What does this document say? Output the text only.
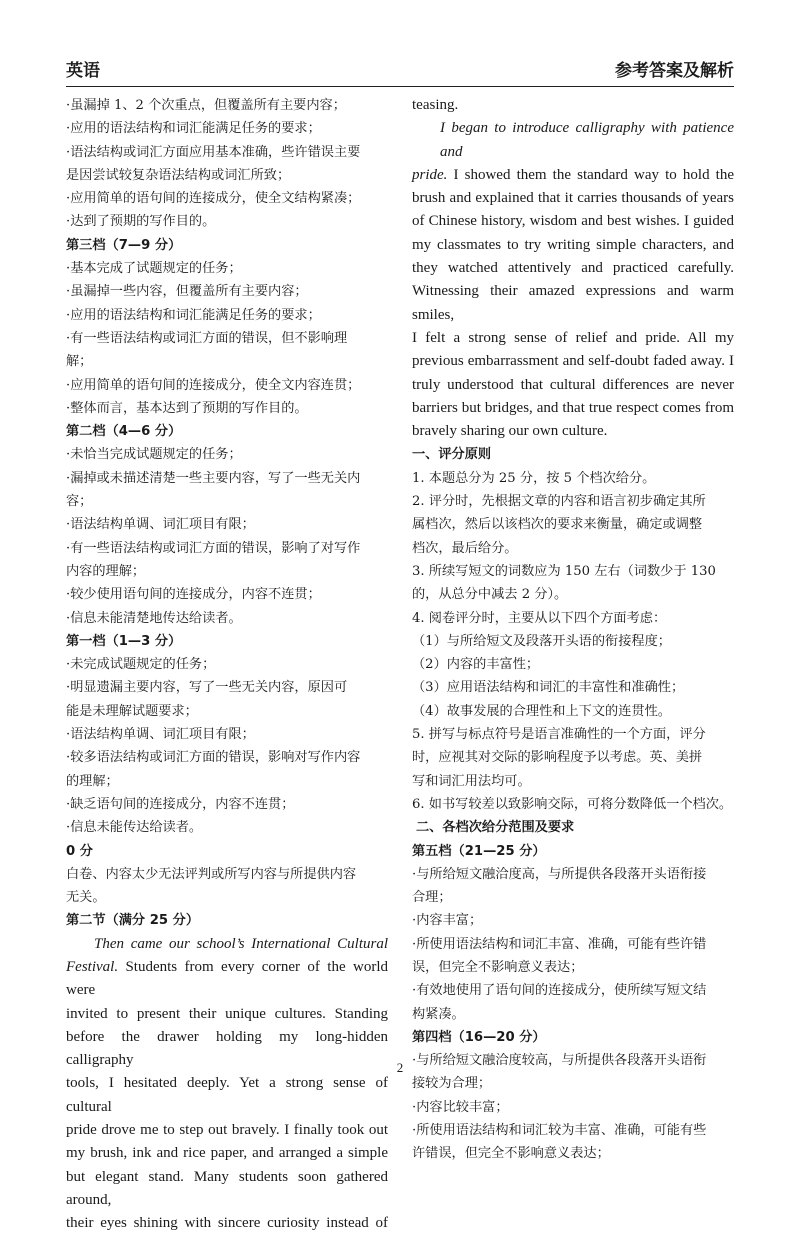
英语	参考答案及解析
·虽漏掉 1、2 个次重点，但覆盖所有主要内容；
·应用的语法结构和词汇能满足任务的要求；
·语法结构或词汇方面应用基本准确，些许错误主要
是因尝试较复杂语法结构或词汇所致；
·应用简单的语句间的连接成分，使全文结构紧凑；
·达到了预期的写作目的。
第三档（7—9 分）
·基本完成了试题规定的任务；
·虽漏掉一些内容，但覆盖所有主要内容；
·应用的语法结构和词汇能满足任务的要求；
·有一些语法结构或词汇方面的错误，但不影响理
解；
·应用简单的语句间的连接成分，使全文内容连贯；
·整体而言，基本达到了预期的写作目的。
第二档（4—6 分）
·未恰当完成试题规定的任务；
·漏掉或未描述清楚一些主要内容，写了一些无关内
容；
·语法结构单调、词汇项目有限；
·有一些语法结构或词汇方面的错误，影响了对写作
内容的理解；
·较少使用语句间的连接成分，内容不连贯；
·信息未能清楚地传达给读者。
第一档（1—3 分）
·未完成试题规定的任务；
·明显遗漏主要内容，写了一些无关内容，原因可
能是未理解试题要求；
·语法结构单调、词汇项目有限；
·较多语法结构或词汇方面的错误，影响对写作内容
的理解；
·缺乏语句间的连接成分，内容不连贯；
·信息未能传达给读者。
0 分
白卷、内容太少无法评判或所写内容与所提供内容
无关。
第二节（满分 25 分）
Then came our school’s International Cultural
Festival. Students from every corner of the world were
invited to present their unique cultures. Standing
before the drawer holding my long-hidden calligraphy
tools, I hesitated deeply. Yet a strong sense of cultural
pride drove me to step out bravely. I finally took out
my brush, ink and rice paper, and arranged a simple
but elegant stand. Many students soon gathered around,
their eyes shining with sincere curiosity instead of
teasing.
I began to introduce calligraphy with patience and
pride. I showed them the standard way to hold the
brush and explained that it carries thousands of years
of Chinese history, wisdom and best wishes. I guided
my classmates to try writing simple characters, and
they watched attentively and practiced carefully.
Witnessing their amazed expressions and warm smiles,
I felt a strong sense of relief and pride. All my
previous embarrassment and self-doubt faded away. I
truly understood that cultural differences are never
barriers but bridges, and that true respect comes from
bravely sharing our own culture.
一、评分原则
1. 本题总分为 25 分，按 5 个档次给分。
2. 评分时，先根据文章的内容和语言初步确定其所
属档次，然后以该档次的要求来衡量，确定或调整
档次，最后给分。
3. 所续写短文的词数应为 150 左右（词数少于 130
的，从总分中减去 2 分）。
4. 阅卷评分时，主要从以下四个方面考虑：
（1）与所给短文及段落开头语的衔接程度；
（2）内容的丰富性；
（3）应用语法结构和词汇的丰富性和准确性；
（4）故事发展的合理性和上下文的连贯性。
5. 拼写与标点符号是语言准确性的一个方面，评分
时，应视其对交际的影响程度予以考虑。英、美拼
写和词汇用法均可。
6. 如书写较差以致影响交际，可将分数降低一个档次。
二、各档次给分范围及要求
第五档（21—25 分）
·与所给短文融洽度高，与所提供各段落开头语衔接
合理；
·内容丰富；
·所使用语法结构和词汇丰富、准确，可能有些许错
误，但完全不影响意义表达；
·有效地使用了语句间的连接成分，使所续写短文结
构紧凑。
第四档（16—20 分）
·与所给短文融洽度较高，与所提供各段落开头语衔
接较为合理；
·内容比较丰富；
·所使用语法结构和词汇较为丰富、准确，可能有些
许错误，但完全不影响意义表达；
2
